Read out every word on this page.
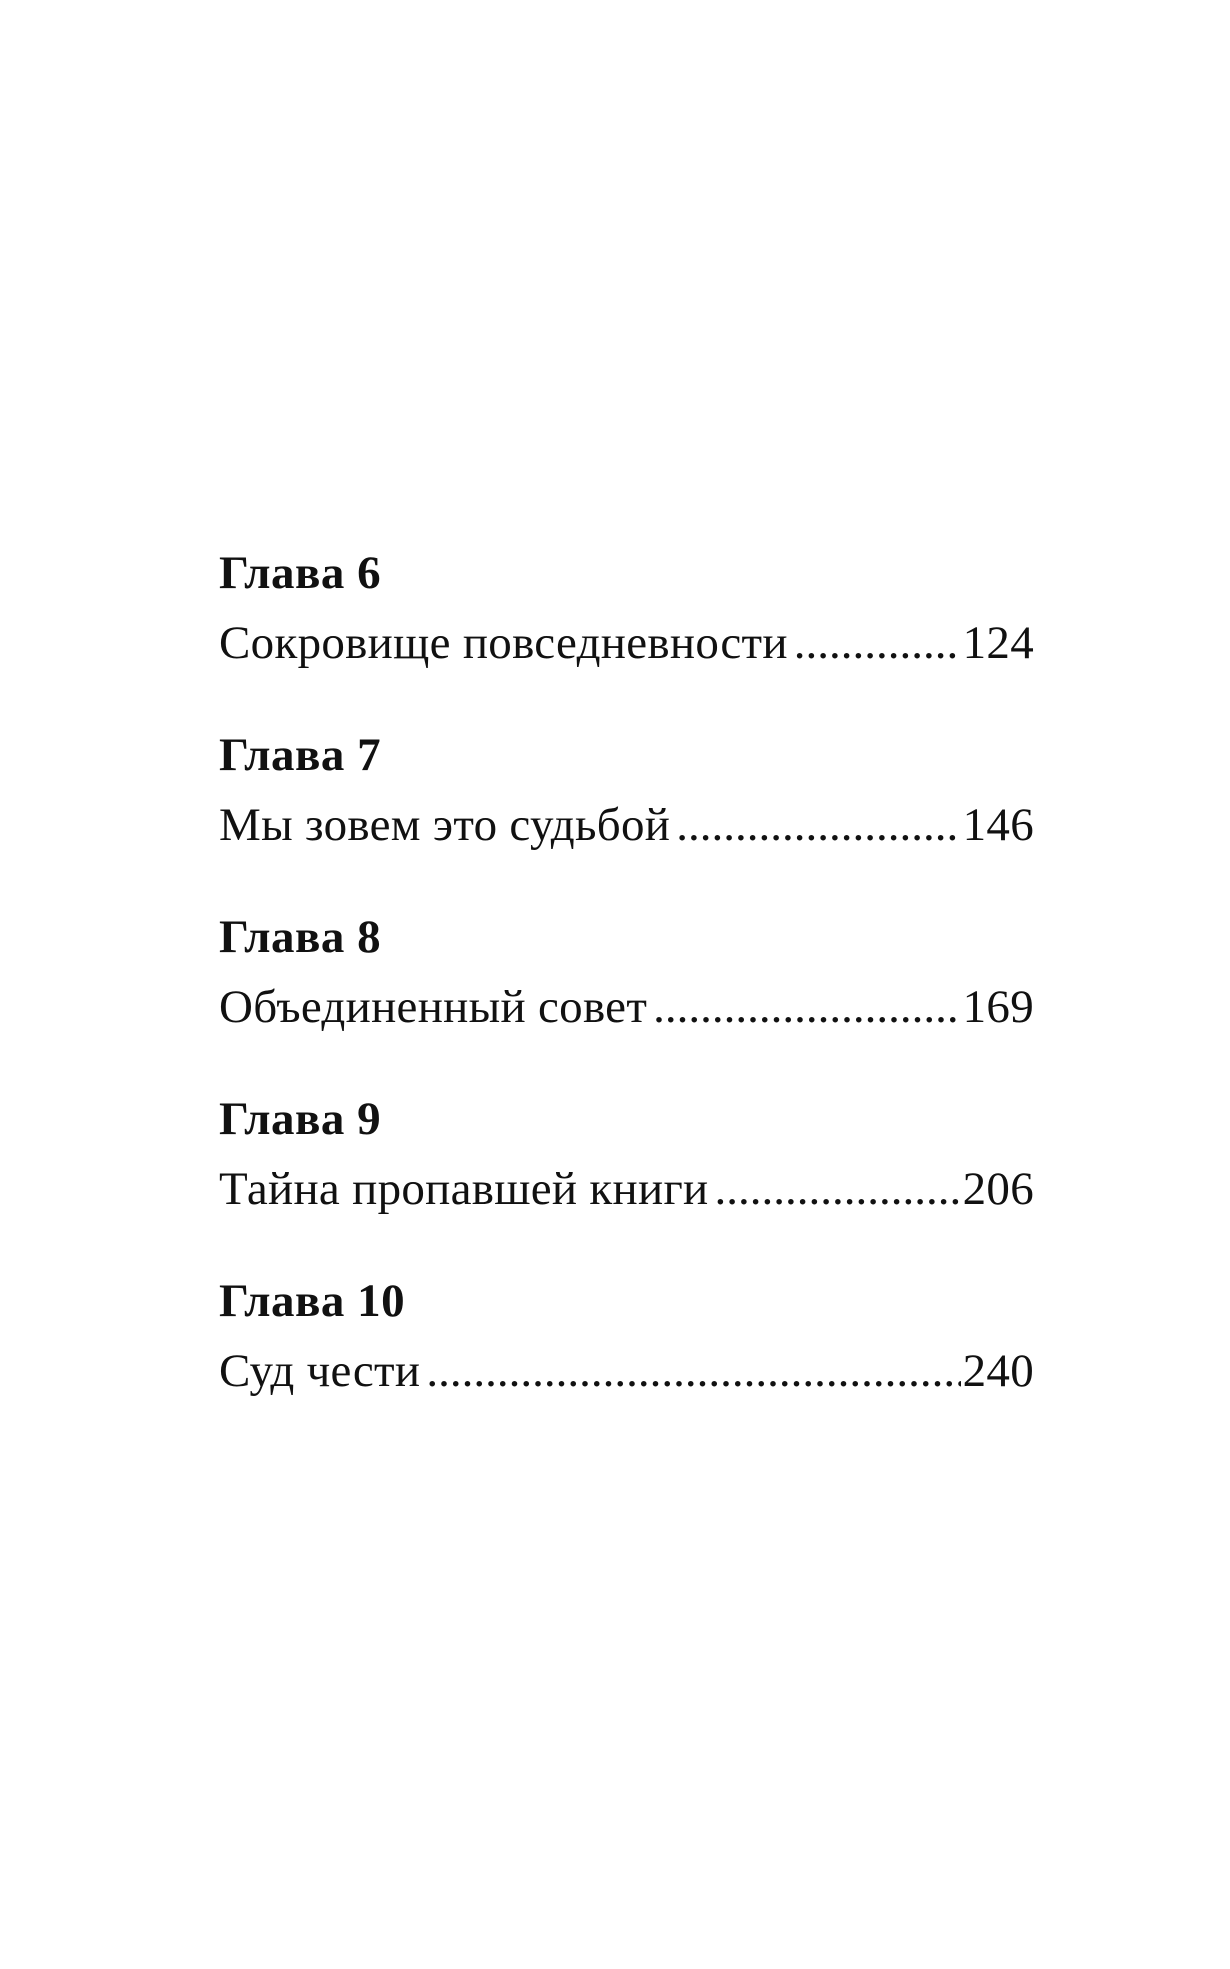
Глава 6
Сокровище повседневности .....	124
Глава 7
Мы зовем это судьбой .....	146
Глава 8
Объединенный совет .....	169
Глава 9
Тайна пропавшей книги .....	206
Глава 10
Суд чести .....	240
